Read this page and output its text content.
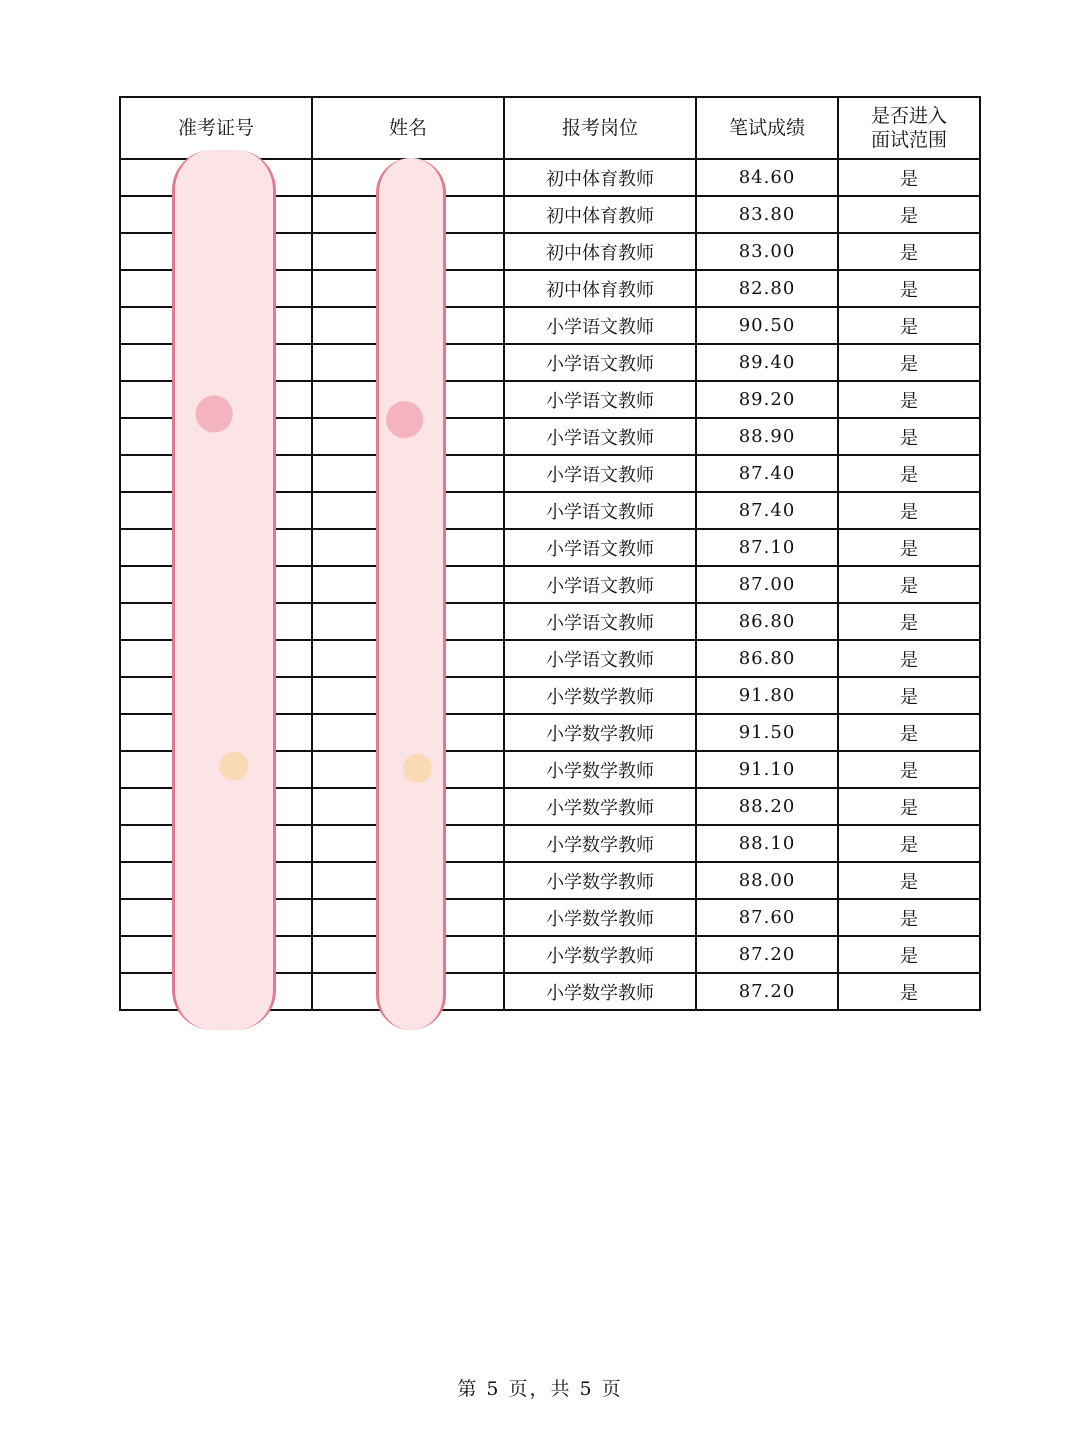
准考证号	姓名	报考岗位	笔试成绩	是否进入
面试范围

		初中体育教师	84.60	是
		初中体育教师	83.80	是
		初中体育教师	83.00	是
		初中体育教师	82.80	是
		小学语文教师	90.50	是
		小学语文教师	89.40	是
		小学语文教师	89.20	是
		小学语文教师	88.90	是
		小学语文教师	87.40	是
		小学语文教师	87.40	是
		小学语文教师	87.10	是
		小学语文教师	87.00	是
		小学语文教师	86.80	是
		小学语文教师	86.80	是
		小学数学教师	91.80	是
		小学数学教师	91.50	是
		小学数学教师	91.10	是
		小学数学教师	88.20	是
		小学数学教师	88.10	是
		小学数学教师	88.00	是
		小学数学教师	87.60	是
		小学数学教师	87.20	是
		小学数学教师	87.20	是
第 5 页，共 5 页
